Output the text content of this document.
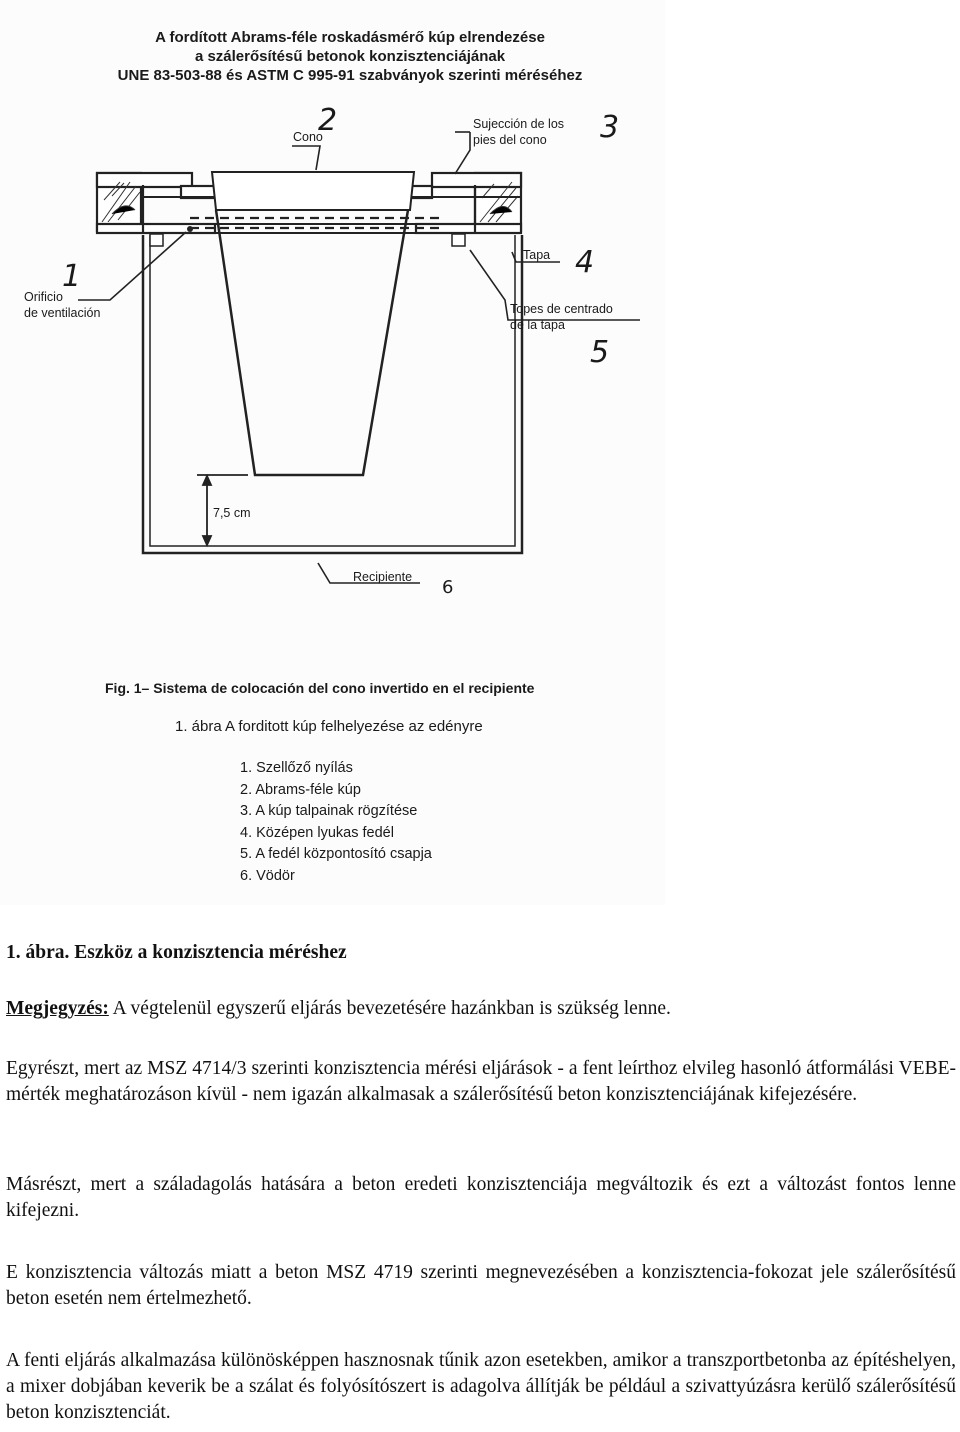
A fordított Abrams-féle roskadásmérő kúp elrendezése
a szálerősítésű betonok konzisztenciájának
UNE 83-503-88 és ASTM C 995-91 szabványok szerinti méréséhez
Cono
Sujección de los
pies del cono
Tapa
Orificio
de ventilación	Topes de centrado
de la tapa
7,5 cm
Recipiente
1
2	3
4
5
6
Fig. 1– Sistema de colocación del cono invertido en el recipiente
1. ábra A forditott kúp felhelyezése az edényre
1. Szellőző nyílás
2. Abrams-féle kúp
3. A kúp talpainak rögzítése
4. Középen lyukas fedél
5. A fedél központosító csapja
6. Vödör
1. ábra. Eszköz a konzisztencia méréshez
Megjegyzés: A végtelenül egyszerű eljárás bevezetésére hazánkban is szükség lenne.
Egyrészt, mert az MSZ 4714/3 szerinti konzisztencia mérési eljárások - a fent leírthoz elvileg hasonló átformálási VEBE-mérték meghatározáson kívül - nem igazán alkalmasak a szálerősítésű beton konzisztenciájának kifejezésére.
Másrészt, mert a száladagolás hatására a beton eredeti konzisztenciája megváltozik és ezt a változást fontos lenne kifejezni.
E konzisztencia változás miatt a beton MSZ 4719 szerinti megnevezésében a konzisztencia-fokozat jele szálerősítésű beton esetén nem értelmezhető.
A fenti eljárás alkalmazása különösképpen hasznosnak tűnik azon esetekben, amikor a transzportbetonba az építéshelyen, a mixer dobjában keverik be a szálat és folyósítószert is adagolva állítják be például a szivattyúzásra kerülő szálerősítésű beton konzisztenciát.
